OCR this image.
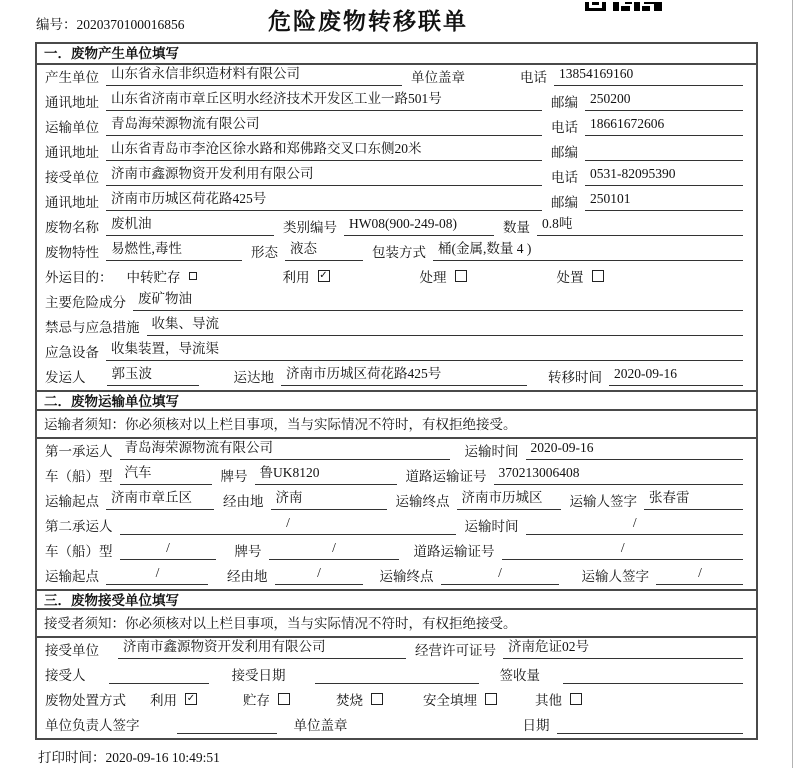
编号：2020370100016856	危险废物转移联单
一．废物产生单位填写
产生单位 山东省永信非织造材料有限公司	单位盖章	电话 13854169160
通讯地址 山东省济南市章丘区明水经济技术开发区工业一路501号	邮编 250200
运输单位 青岛海荣源物流有限公司	电话 18661672606
通讯地址 山东省青岛市李沧区徐水路和郑佛路交叉口东侧20米	邮编
接受单位 济南市鑫源物资开发利用有限公司	电话 0531-82095390
通讯地址 济南市历城区荷花路425号	邮编 250101
废物名称 废机油	类别编号 HW08(900-249-08)	数量 0.8吨
废物特性 易燃性,毒性	形态 液态	包装方式 桶(金属,数量 4 )
外运目的：	中转贮存	利用 ✓	处理	处置
主要危险成分 废矿物油
禁忌与应急措施 收集、导流
应急设备 收集装置，导流渠
发运人	郭玉波	运达地 济南市历城区荷花路425号	转移时间 2020-09-16
二．废物运输单位填写
运输者须知：你必须核对以上栏目事项，当与实际情况不符时，有权拒绝接受。
第一承运人 青岛海荣源物流有限公司	运输时间 2020-09-16
车（船）型 汽车	牌号 鲁UK8120	道路运输证号 370213006408
运输起点 济南市章丘区	经由地 济南	运输终点 济南市历城区	运输人签字 张春雷
第二承运人	/	运输时间	/
车（船）型	/	牌号	/	道路运输证号	/
运输起点	/	经由地	/	运输终点	/	运输人签字	/
三．废物接受单位填写
接受者须知：你必须核对以上栏目事项，当与实际情况不符时，有权拒绝接受。
接受单位	济南市鑫源物资开发利用有限公司	经营许可证号 济南危证02号
接受人	接受日期	签收量
废物处置方式	利用 ✓	贮存	焚烧	安全填埋	其他
单位负责人签字	单位盖章	日期
打印时间：2020-09-16 10:49:51
